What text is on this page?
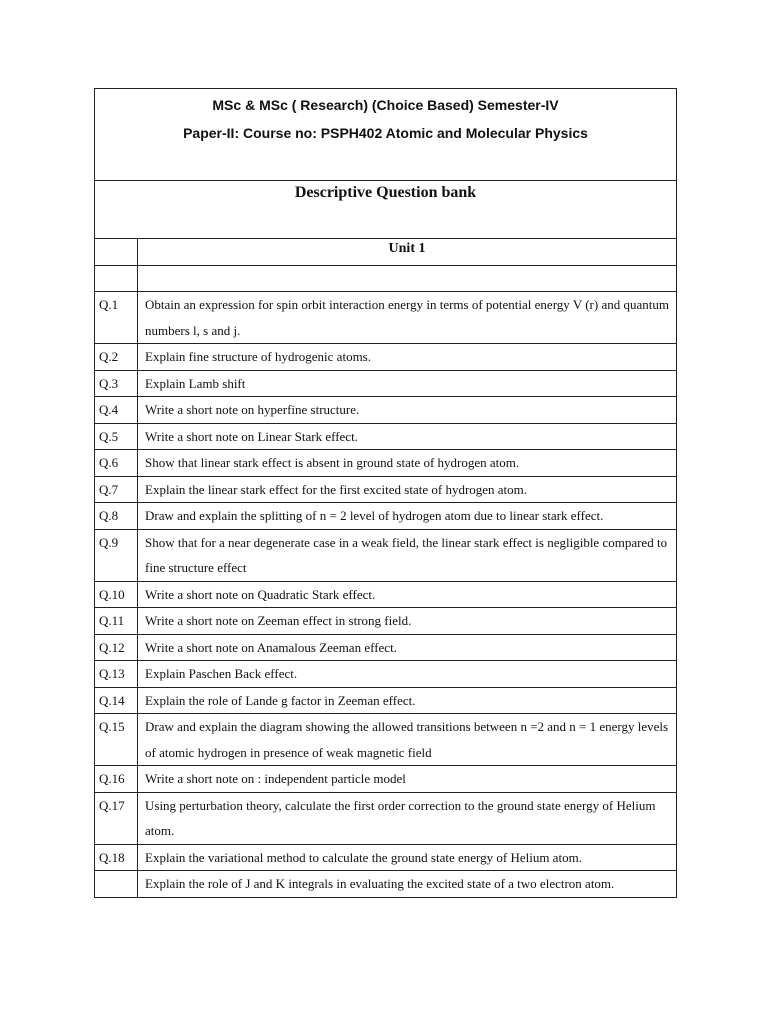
MSc & MSc ( Research) (Choice Based) Semester-IV
Paper-II: Course no: PSPH402 Atomic and Molecular Physics	

Descriptive Question bank	

	Unit 1

Q.1	Obtain an expression for spin orbit interaction energy in terms of potential energy V (r) and quantum numbers l, s and j.
Q.2	Explain fine structure of hydrogenic atoms.
Q.3	Explain Lamb shift
Q.4	Write a short note on hyperfine structure.
Q.5	Write a short note on Linear Stark effect.
Q.6	Show that linear stark effect is absent in ground state of hydrogen atom.
Q.7	Explain the linear stark effect for the first excited state of hydrogen atom.
Q.8	Draw and explain the splitting of n = 2 level of hydrogen atom due to linear stark effect.
Q.9	Show that for a near degenerate case in a weak field, the linear stark effect is negligible compared to fine structure effect
Q.10	Write a short note on Quadratic Stark effect.
Q.11	Write a short note on Zeeman effect in strong field.
Q.12	Write a short note on Anamalous Zeeman effect.
Q.13	Explain Paschen Back effect.
Q.14	Explain the role of Lande g factor in Zeeman effect.
Q.15	Draw and explain the diagram showing the allowed transitions between n =2 and n = 1 energy levels of atomic hydrogen in presence of weak magnetic field
Q.16	Write a short note on : independent particle model
Q.17	Using perturbation theory, calculate the first order correction to the ground state energy of Helium atom.
Q.18	Explain the variational method to calculate the ground state energy of Helium atom.
	Explain the role of J and K integrals in evaluating the excited state of a two electron atom.
